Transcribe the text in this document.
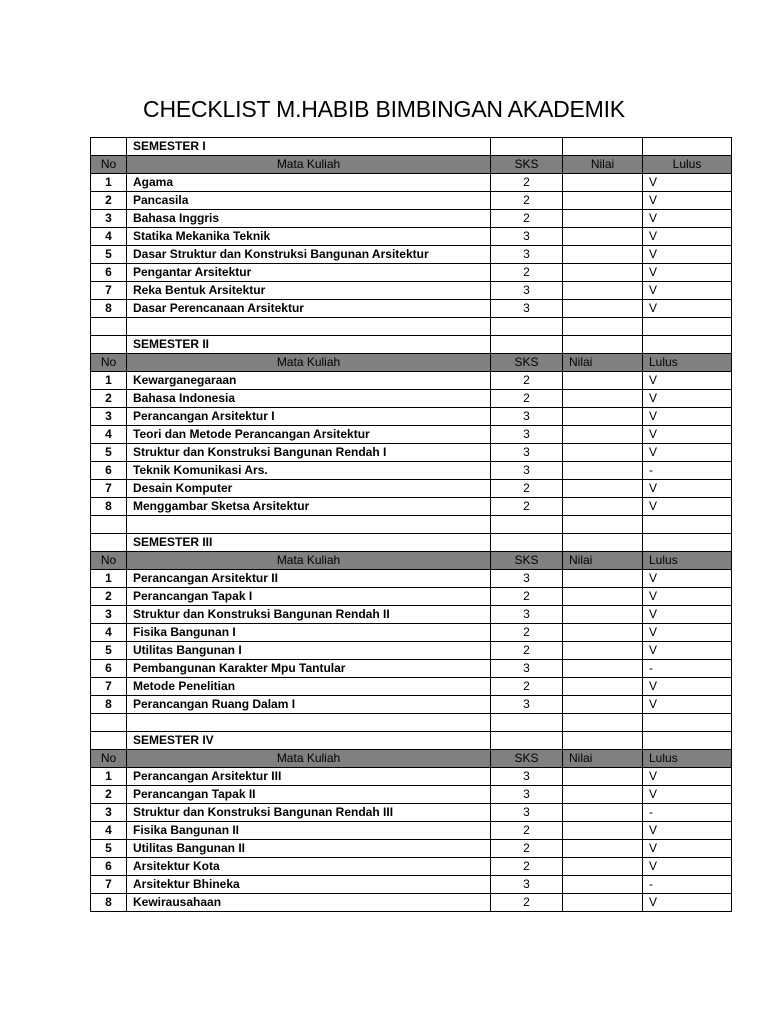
CHECKLIST M.HABIB BIMBINGAN AKADEMIK
	SEMESTER I			
No	Mata Kuliah	SKS	Nilai	Lulus
1	Agama	2		V
2	Pancasila	2		V
3	Bahasa Inggris	2		V
4	Statika Mekanika Teknik	3		V
5	Dasar Struktur dan Konstruksi Bangunan Arsitektur	3		V
6	Pengantar Arsitektur	2		V
7	Reka Bentuk Arsitektur	3		V
8	Dasar Perencanaan Arsitektur	3		V

	SEMESTER II			
No	Mata Kuliah	SKS	Nilai	Lulus
1	Kewarganegaraan	2		V
2	Bahasa Indonesia	2		V
3	Perancangan Arsitektur I	3		V
4	Teori dan Metode Perancangan Arsitektur	3		V
5	Struktur dan Konstruksi Bangunan Rendah I	3		V
6	Teknik Komunikasi Ars.	3		-
7	Desain Komputer	2		V
8	Menggambar Sketsa Arsitektur	2		V

	SEMESTER III			
No	Mata Kuliah	SKS	Nilai	Lulus
1	Perancangan Arsitektur II	3		V
2	Perancangan Tapak I	2		V
3	Struktur dan Konstruksi Bangunan Rendah II	3		V
4	Fisika Bangunan I	2		V
5	Utilitas Bangunan I	2		V
6	Pembangunan Karakter Mpu Tantular	3		-
7	Metode Penelitian	2		V
8	Perancangan Ruang Dalam I	3		V

	SEMESTER IV			
No	Mata Kuliah	SKS	Nilai	Lulus
1	Perancangan Arsitektur III	3		V
2	Perancangan Tapak II	3		V
3	Struktur dan Konstruksi Bangunan Rendah III	3		-
4	Fisika Bangunan II	2		V
5	Utilitas Bangunan II	2		V
6	Arsitektur Kota	2		V
7	Arsitektur Bhineka	3		-
8	Kewirausahaan	2		V
